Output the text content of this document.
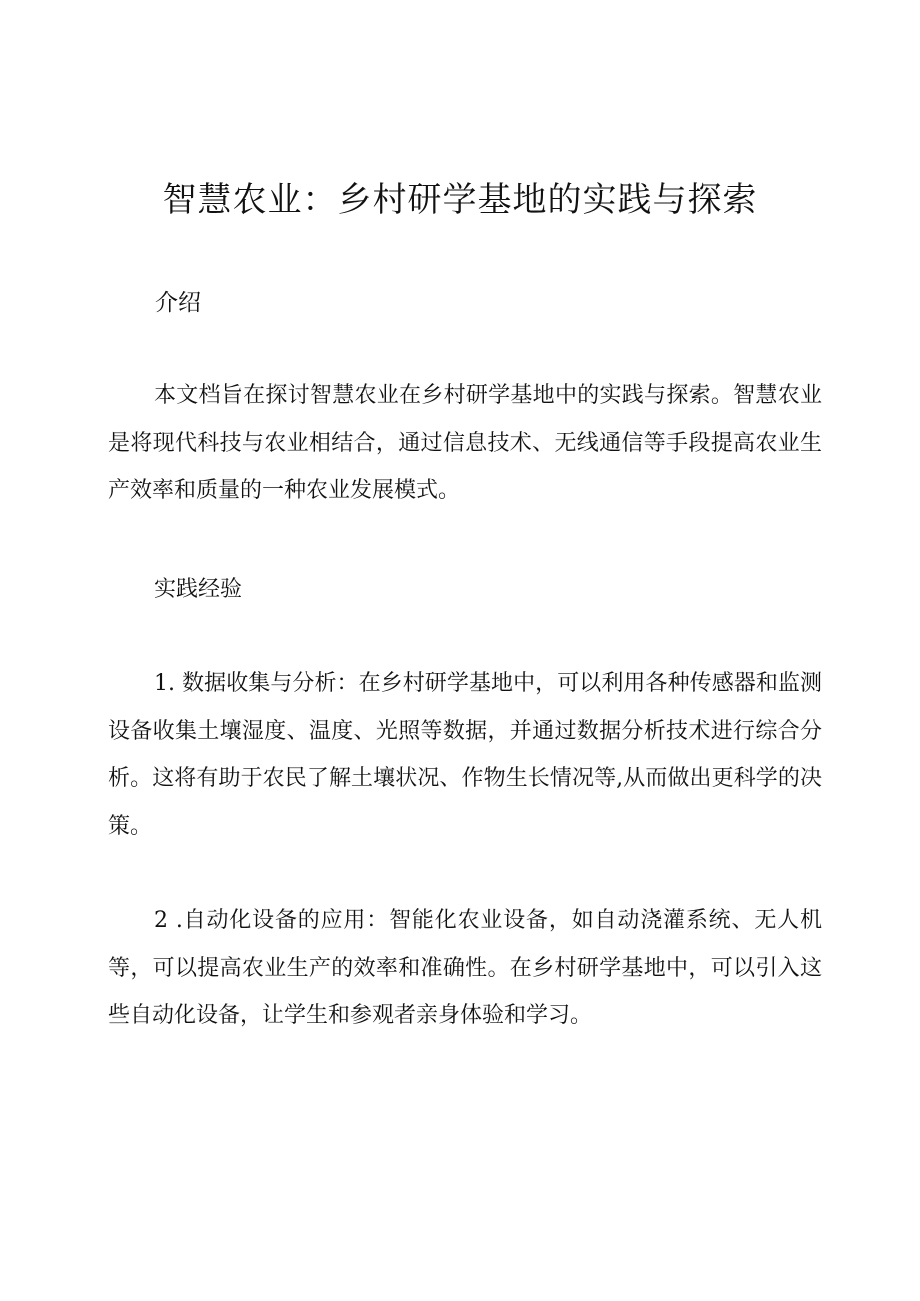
智慧农业：乡村研学基地的实践与探索
介绍

本文档旨在探讨智慧农业在乡村研学基地中的实践与探索。智慧农业是将现代科技与农业相结合，通过信息技术、无线通信等手段提高农业生产效率和质量的一种农业发展模式。

实践经验

1. 数据收集与分析：在乡村研学基地中，可以利用各种传感器和监测设备收集土壤湿度、温度、光照等数据，并通过数据分析技术进行综合分析。这将有助于农民了解土壤状况、作物生长情况等,从而做出更科学的决策。

2 .自动化设备的应用：智能化农业设备，如自动浇灌系统、无人机等，可以提高农业生产的效率和准确性。在乡村研学基地中，可以引入这些自动化设备，让学生和参观者亲身体验和学习。
